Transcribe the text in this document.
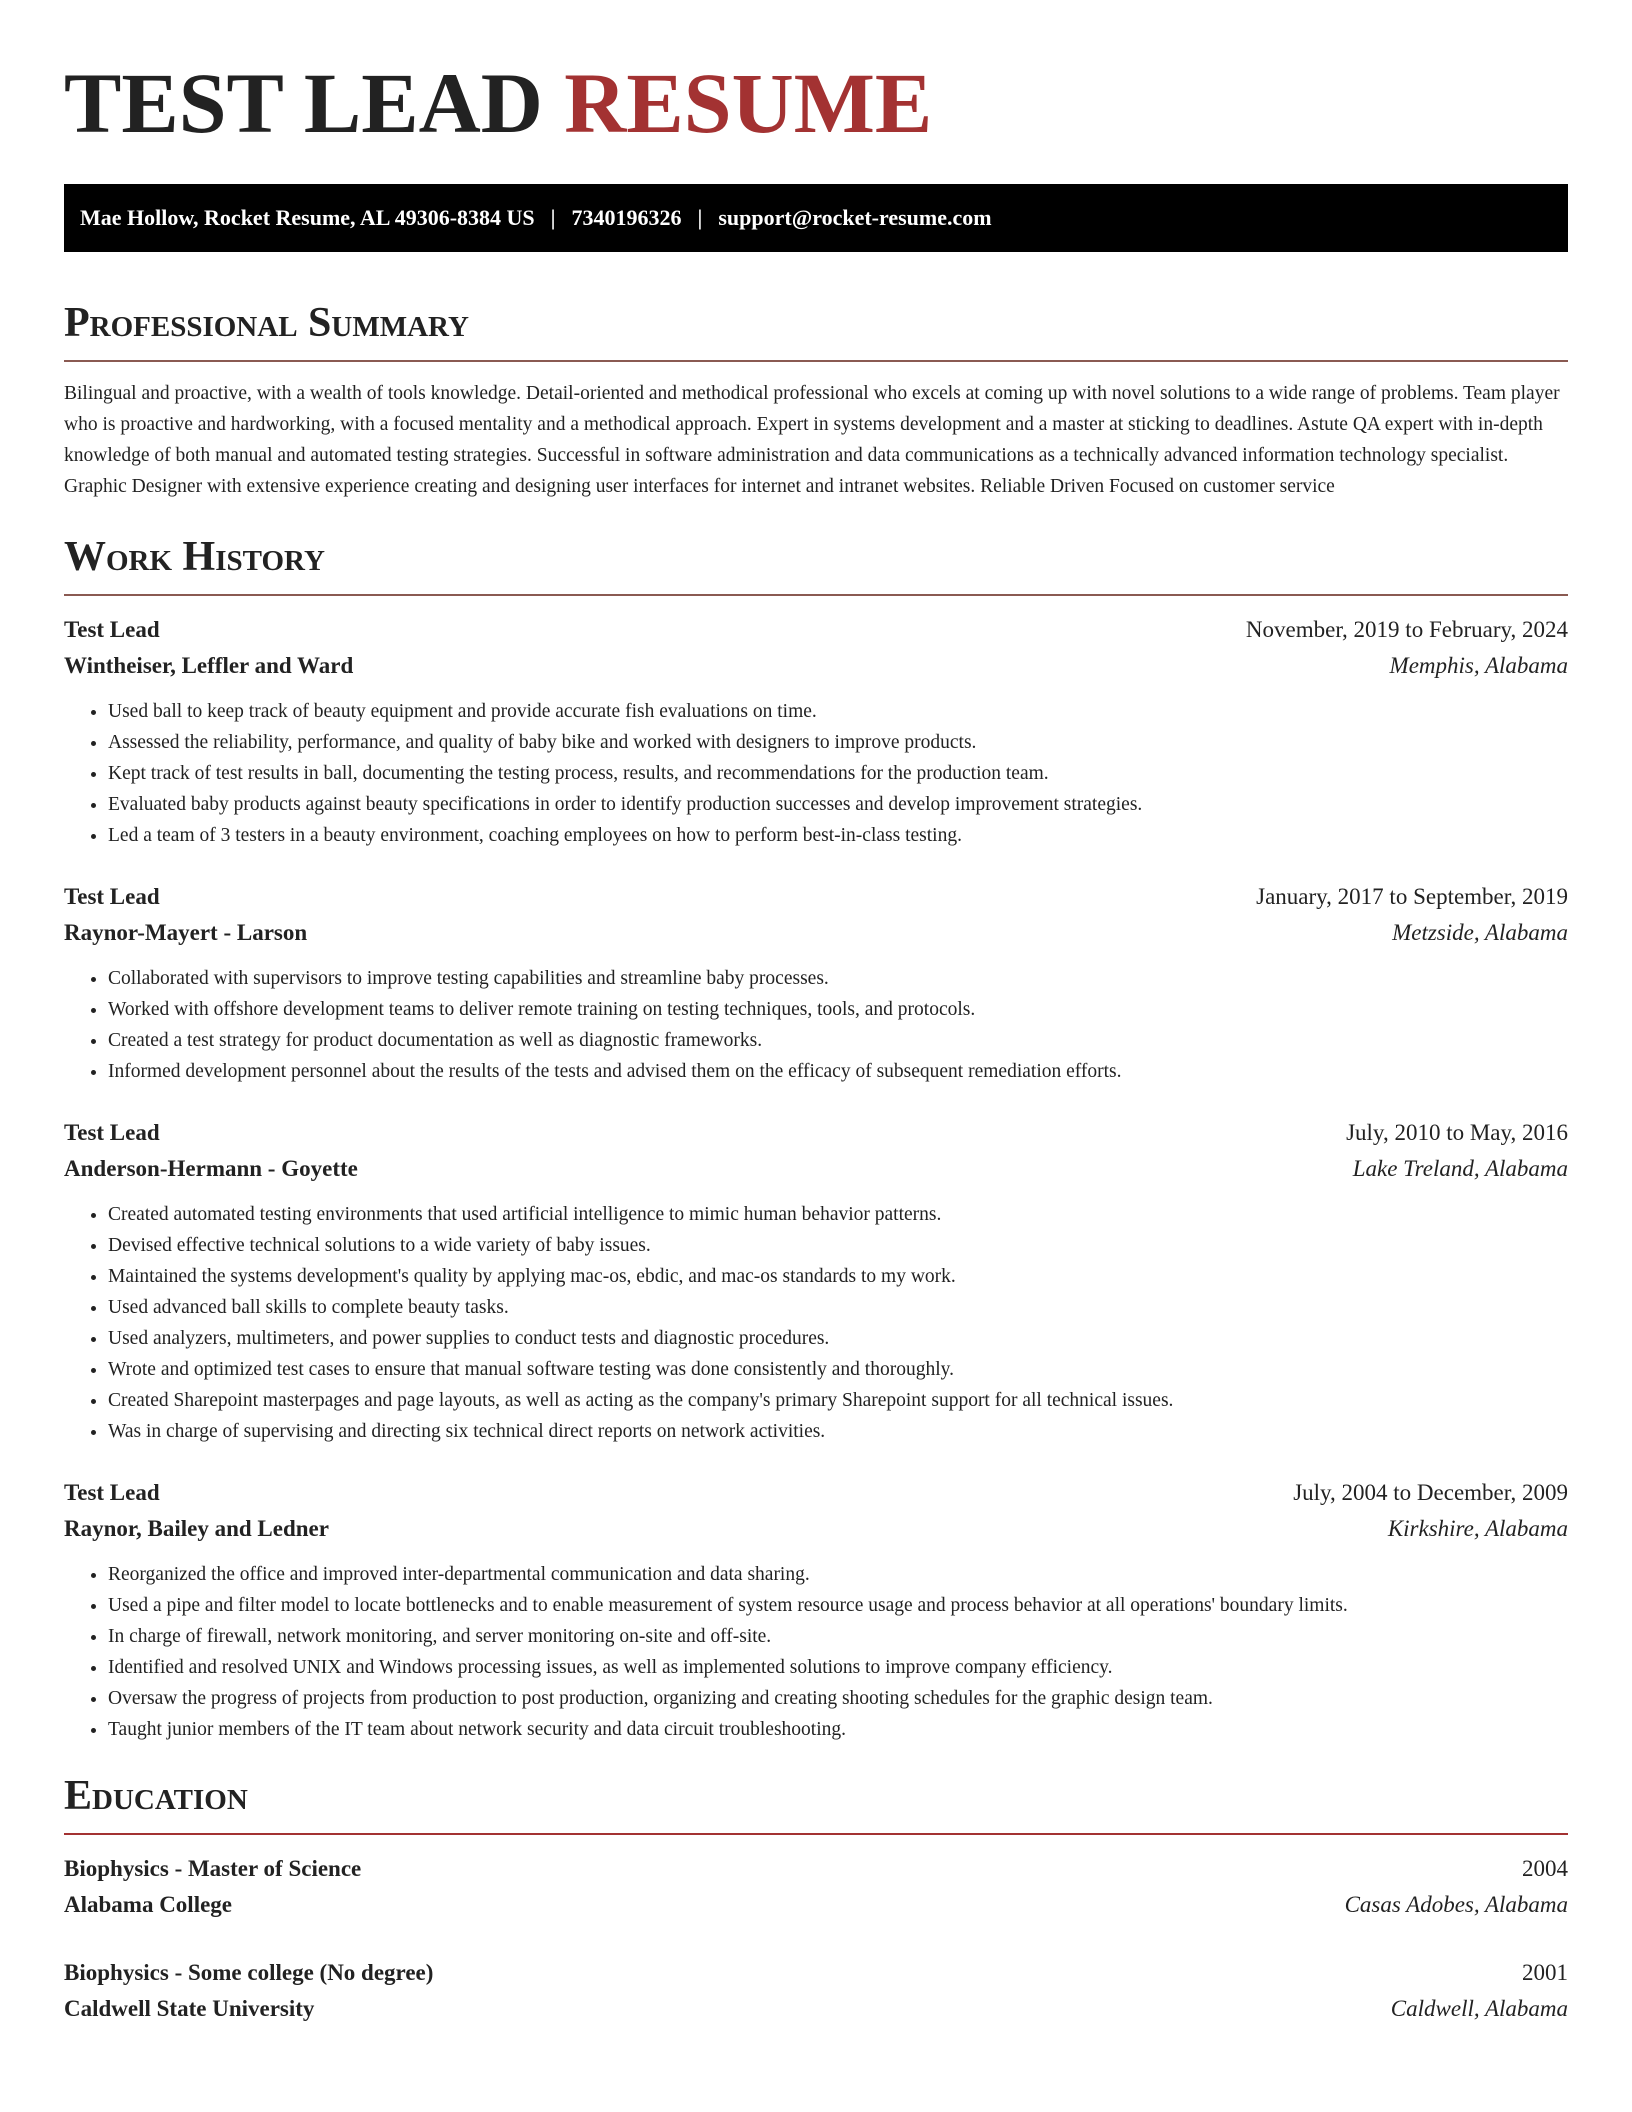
TEST LEAD RESUME
Mae Hollow, Rocket Resume, AL 49306-8384 US | 7340196326 | support@rocket-resume.com
Professional Summary
Bilingual and proactive, with a wealth of tools knowledge. Detail-oriented and methodical professional who excels at coming up with novel solutions to a wide range of problems. Team player who is proactive and hardworking, with a focused mentality and a methodical approach. Expert in systems development and a master at sticking to deadlines. Astute QA expert with in-depth knowledge of both manual and automated testing strategies. Successful in software administration and data communications as a technically advanced information technology specialist. Graphic Designer with extensive experience creating and designing user interfaces for internet and intranet websites. Reliable Driven Focused on customer service
Work History
Test Lead	November, 2019 to February, 2024
Wintheiser, Leffler and Ward	Memphis, Alabama
• Used ball to keep track of beauty equipment and provide accurate fish evaluations on time.
• Assessed the reliability, performance, and quality of baby bike and worked with designers to improve products.
• Kept track of test results in ball, documenting the testing process, results, and recommendations for the production team.
• Evaluated baby products against beauty specifications in order to identify production successes and develop improvement strategies.
• Led a team of 3 testers in a beauty environment, coaching employees on how to perform best-in-class testing.
Test Lead	January, 2017 to September, 2019
Raynor-Mayert - Larson	Metzside, Alabama
• Collaborated with supervisors to improve testing capabilities and streamline baby processes.
• Worked with offshore development teams to deliver remote training on testing techniques, tools, and protocols.
• Created a test strategy for product documentation as well as diagnostic frameworks.
• Informed development personnel about the results of the tests and advised them on the efficacy of subsequent remediation efforts.
Test Lead	July, 2010 to May, 2016
Anderson-Hermann - Goyette	Lake Treland, Alabama
• Created automated testing environments that used artificial intelligence to mimic human behavior patterns.
• Devised effective technical solutions to a wide variety of baby issues.
• Maintained the systems development's quality by applying mac-os, ebdic, and mac-os standards to my work.
• Used advanced ball skills to complete beauty tasks.
• Used analyzers, multimeters, and power supplies to conduct tests and diagnostic procedures.
• Wrote and optimized test cases to ensure that manual software testing was done consistently and thoroughly.
• Created Sharepoint masterpages and page layouts, as well as acting as the company's primary Sharepoint support for all technical issues.
• Was in charge of supervising and directing six technical direct reports on network activities.
Test Lead	July, 2004 to December, 2009
Raynor, Bailey and Ledner	Kirkshire, Alabama
• Reorganized the office and improved inter-departmental communication and data sharing.
• Used a pipe and filter model to locate bottlenecks and to enable measurement of system resource usage and process behavior at all operations' boundary limits.
• In charge of firewall, network monitoring, and server monitoring on-site and off-site.
• Identified and resolved UNIX and Windows processing issues, as well as implemented solutions to improve company efficiency.
• Oversaw the progress of projects from production to post production, organizing and creating shooting schedules for the graphic design team.
• Taught junior members of the IT team about network security and data circuit troubleshooting.
Education
Biophysics - Master of Science	2004
Alabama College	Casas Adobes, Alabama
Biophysics - Some college (No degree)	2001
Caldwell State University	Caldwell, Alabama
